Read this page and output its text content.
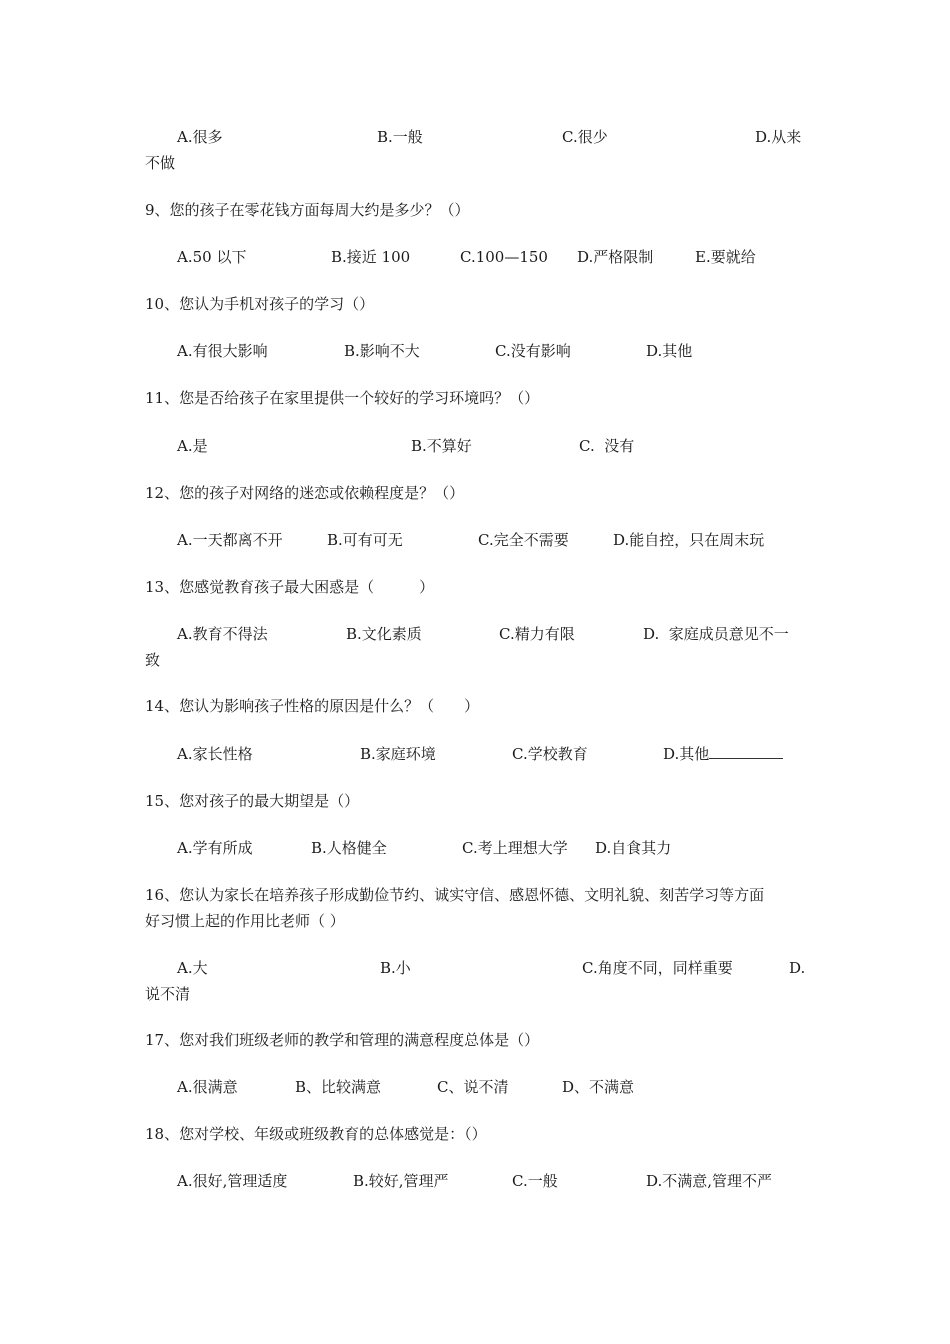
A.很多	B.一般	C.很少	D.从来
不做
9、您的孩子在零花钱方面每周大约是多少？（）
A.50 以下	B.接近 100	C.100—150 D.严格限制	E.要就给
10、您认为手机对孩子的学习（）
A.有很大影响	B.影响不大	C.没有影响	D.其他
11、您是否给孩子在家里提供一个较好的学习环境吗？（）
A.是	B.不算好	C.  没有
12、您的孩子对网络的迷恋或依赖程度是？（）
A.一天都离不开	B.可有可无	C.完全不需要	D.能自控，只在周末玩
13、您感觉教育孩子最大困惑是（　　　）
A.教育不得法	B.文化素质	C.精力有限	D.  家庭成员意见不一
致
14、您认为影响孩子性格的原因是什么？（　　）
A.家长性格	B.家庭环境	C.学校教育	D.其他
15、您对孩子的最大期望是（）
A.学有所成	B.人格健全	C.考上理想大学 D.自食其力
16、您认为家长在培养孩子形成勤俭节约、诚实守信、感恩怀德、文明礼貌、刻苦学习等方面
好习惯上起的作用比老师（ ）
A.大	B.小	C.角度不同，同样重要	D.
说不清
17、您对我们班级老师的教学和管理的满意程度总体是（）
A.很满意	B、比较满意	C、说不清	D、不满意
18、您对学校、年级或班级教育的总体感觉是：（）
A.很好,管理适度	B.较好,管理严	C.一般	D.不满意,管理不严
